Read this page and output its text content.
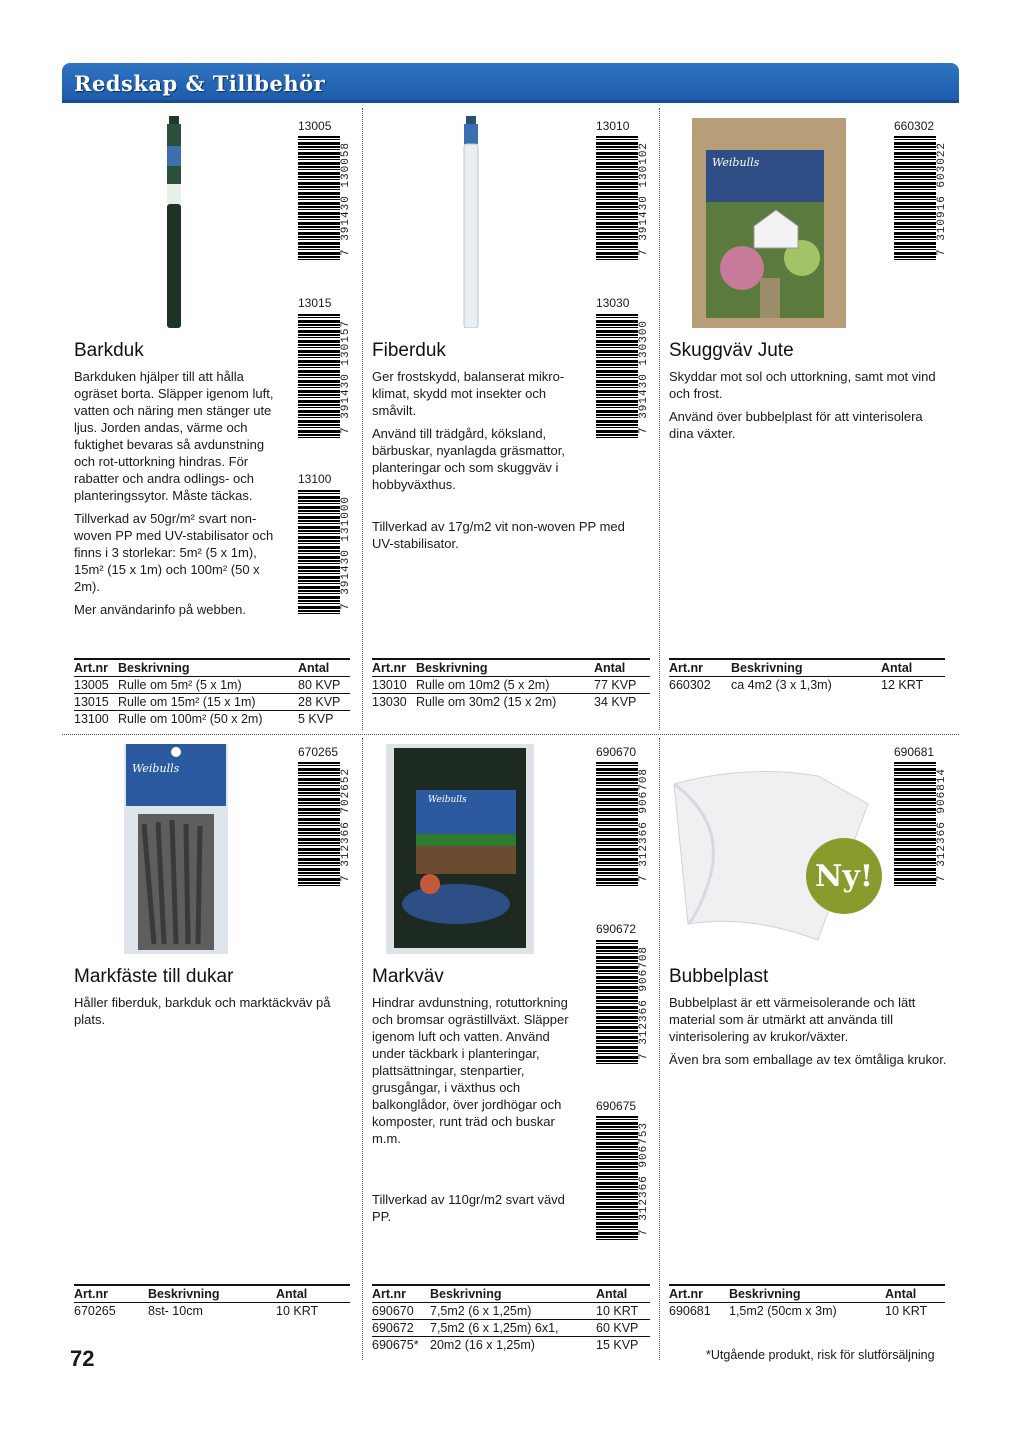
Redskap & Tillbehör
13005
7 391430 130058
13015
7 391430 130157
13100
7 391430 131000
Barkduk

Barkduken hjälper till att hålla ogräset borta. Släpper igenom luft, vatten och näring men stänger ute ljus. Jorden andas, värme och fuktighet bevaras så avdunstning och rot-uttorkning hindras. För rabatter och andra odlings- och planteringssytor. Måste täckas.

Tillverkad av 50gr/m² svart non-woven PP med UV-stabilisator och finns i 3 storlekar: 5m² (5 x 1m), 15m² (15 x 1m) och 100m² (50 x 2m).

Mer användarinfo på webben.

Art.nr	Beskrivning	Antal
13005	Rulle om 5m² (5 x 1m)	80 KVP
13015	Rulle om 15m² (15 x 1m)	28 KVP
13100	Rulle om 100m² (50 x 2m)	5 KVP
13010
7 391430 130102
13030
7 391430 130300
Fiberduk

Ger frostskydd, balanserat mikro-klimat, skydd mot insekter och småvilt.

Använd till trädgård, köksland, bärbuskar, nyanlagda gräsmattor, planteringar och som skuggväv i hobbyväxthus.

Tillverkad av 17g/m2 vit non-woven PP med UV-stabilisator.
Art.nr	Beskrivning	Antal
13010	Rulle om 10m2 (5 x 2m)	77 KVP
13030	Rulle om 30m2 (15 x 2m)	34 KVP
Weibulls
660302
7 310916 603022
Skuggväv Jute

Skyddar mot sol och uttorkning, samt mot vind och frost.

Använd över bubbelplast för att vinterisolera dina växter.

Art.nr	Beskrivning	Antal
660302	ca 4m2 (3 x 1,3m)	12 KRT
Weibulls
670265
7 312366 702652
Markfäste till dukar

Håller fiberduk, barkduk och marktäckväv på plats.

Art.nr	Beskrivning	Antal
670265	8st- 10cm	10 KRT
Weibulls
690670
7 312366 906708
690672
7 312366 906708
690675
7 312366 906753
Markväv

Hindrar avdunstning, rotuttorkning och bromsar ogrästillväxt. Släpper igenom luft och vatten. Använd under täckbark i planteringar, plattsättningar, stenpartier, grusgångar, i växthus och balkonglådor, över jordhögar och komposter, runt träd och buskar m.m.

Tillverkad av 110gr/m2 svart vävd PP.
Art.nr	Beskrivning	Antal
690670	7,5m2 (6 x 1,25m)	10 KRT
690672	7,5m2 (6 x 1,25m) 6x1,	60 KVP
690675*	20m2 (16 x 1,25m)	15 KVP
Ny!
690681
7 312366 906814
Bubbelplast

Bubbelplast är ett värmeisolerande och lätt material som är utmärkt att använda till vinterisolering av krukor/växter.

Även bra som emballage av tex ömtåliga krukor.

Art.nr	Beskrivning	Antal
690681	1,5m2 (50cm x 3m)	10 KRT
72	*Utgående produkt, risk för slutförsäljning
